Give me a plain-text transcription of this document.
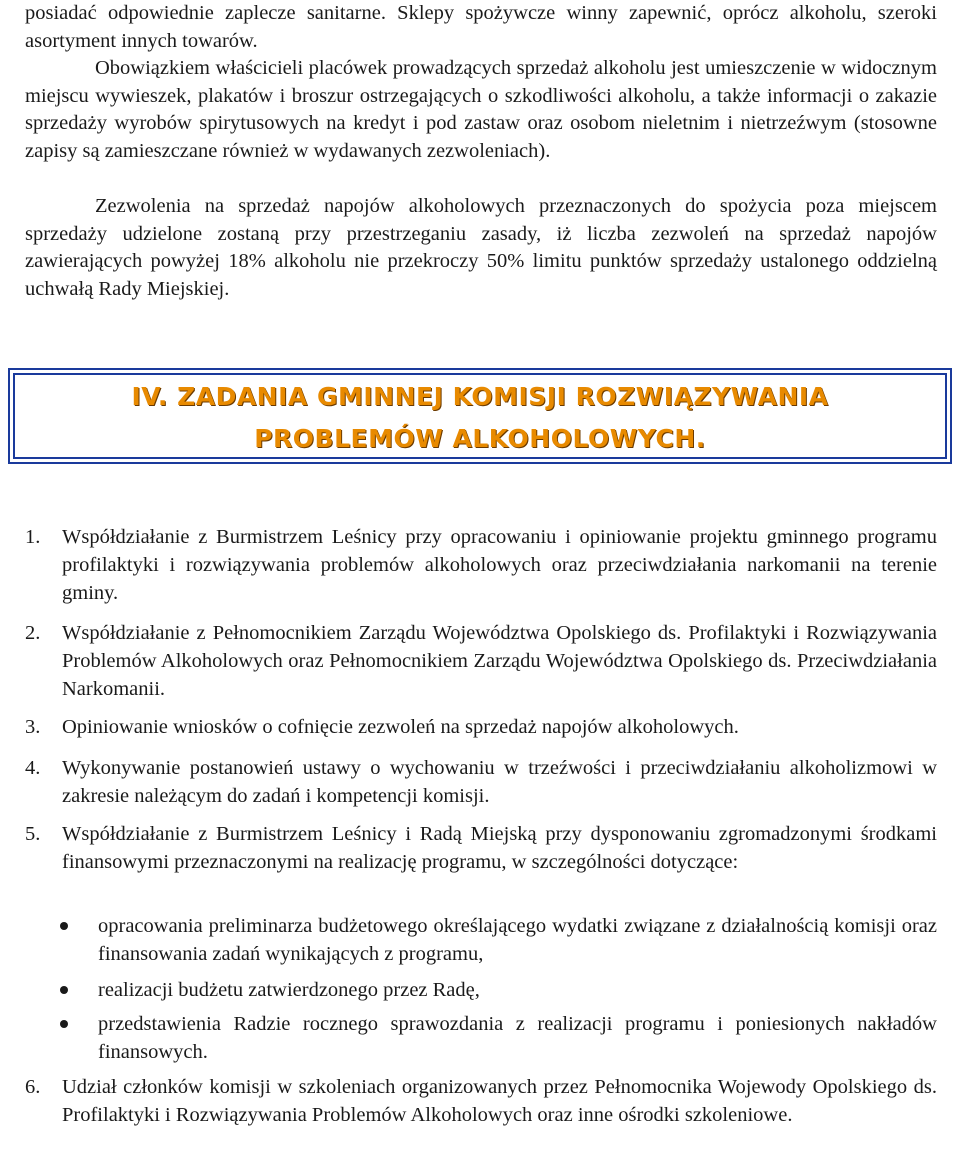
posiadać odpowiednie zaplecze sanitarne. Sklepy spożywcze winny zapewnić, oprócz alkoholu, szeroki asortyment innych towarów.

Obowiązkiem właścicieli placówek prowadzących sprzedaż alkoholu jest umieszczenie w widocznym miejscu wywieszek, plakatów i broszur ostrzegających o szkodliwości alkoholu, a także informacji o zakazie sprzedaży wyrobów spirytusowych na kredyt i pod zastaw oraz osobom nieletnim i nietrzeźwym (stosowne zapisy są zamieszczane również w wydawanych zezwoleniach).

Zezwolenia na sprzedaż napojów alkoholowych przeznaczonych do spożycia poza miejscem sprzedaży udzielone zostaną przy przestrzeganiu zasady, iż liczba zezwoleń na sprzedaż napojów zawierających powyżej 18% alkoholu nie przekroczy 50% limitu punktów sprzedaży ustalonego oddzielną uchwałą Rady Miejskiej.

IV. ZADANIA GMINNEJ KOMISJI ROZWIĄZYWANIA
PROBLEMÓW ALKOHOLOWYCH.
1. Współdziałanie z Burmistrzem Leśnicy przy opracowaniu i opiniowanie projektu gminnego programu profilaktyki i rozwiązywania problemów alkoholowych oraz przeciwdziałania narkomanii na terenie gminy.
2. Współdziałanie z Pełnomocnikiem Zarządu Województwa Opolskiego ds. Profilaktyki i Rozwiązywania Problemów Alkoholowych oraz Pełnomocnikiem Zarządu Województwa Opolskiego ds. Przeciwdziałania Narkomanii.
3. Opiniowanie wniosków o cofnięcie zezwoleń na sprzedaż napojów alkoholowych.
4. Wykonywanie postanowień ustawy o wychowaniu w trzeźwości i przeciwdziałaniu alkoholizmowi w zakresie należącym do zadań i kompetencji komisji.
5. Współdziałanie z Burmistrzem Leśnicy i Radą Miejską przy dysponowaniu zgromadzonymi środkami finansowymi przeznaczonymi na realizację programu, w szczególności dotyczące:
opracowania preliminarza budżetowego określającego wydatki związane z działalnością komisji oraz finansowania zadań wynikających z programu,
realizacji budżetu zatwierdzonego przez Radę,
przedstawienia Radzie rocznego sprawozdania z realizacji programu i poniesionych nakładów finansowych.
6. Udział członków komisji w szkoleniach organizowanych przez Pełnomocnika Wojewody Opolskiego ds. Profilaktyki i Rozwiązywania Problemów Alkoholowych oraz inne ośrodki szkoleniowe.
